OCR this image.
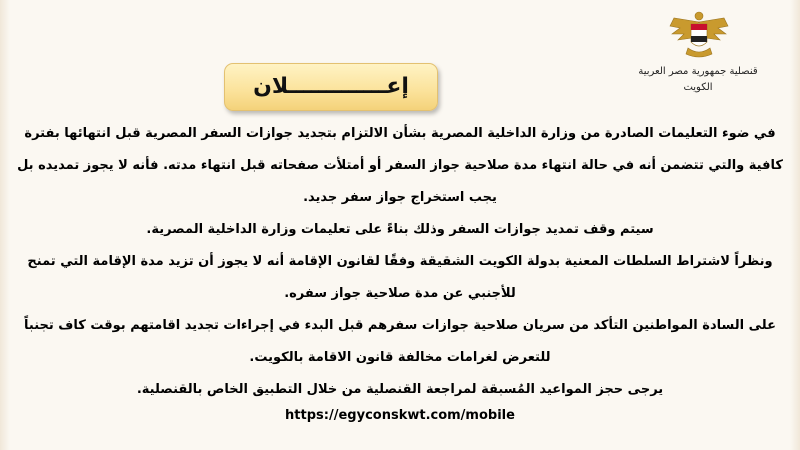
قنصلية جمهورية مصر العربية
الكويت
إعـــــــــــــلان

في ضوء التعليمات الصادرة من وزارة الداخلية المصرية بشأن الالتزام بتجديد جوازات السفر المصرية قبل انتهائها بفترة كافية والتي تتضمن أنه في حالة انتهاء مدة صلاحية جواز السفر أو أمتلأت صفحاته قبل انتهاء مدته. فأنه لا يجوز تمديده بل يجب استخراج جواز سفر جديد.

سيتم وقف تمديد جوازات السفر وذلك بناءً على تعليمات وزارة الداخلية المصرية.

ونظراً لاشتراط السلطات المعنية بدولة الكويت الشقيقة وفقًا لقانون الإقامة أنه لا يجوز أن تزيد مدة الإقامة التي تمنح للأجنبي عن مدة صلاحية جواز سفره.

على السادة المواطنين التأكد من سريان صلاحية جوازات سفرهم قبل البدء في إجراءات تجديد اقامتهم بوقت كاف تجنباً للتعرض لغرامات مخالفة قانون الاقامة بالكويت.

يرجى حجز المواعيد المُسبقة لمراجعة القنصلية من خلال التطبيق الخاص بالقنصلية.

https://egyconskwt.com/mobile
